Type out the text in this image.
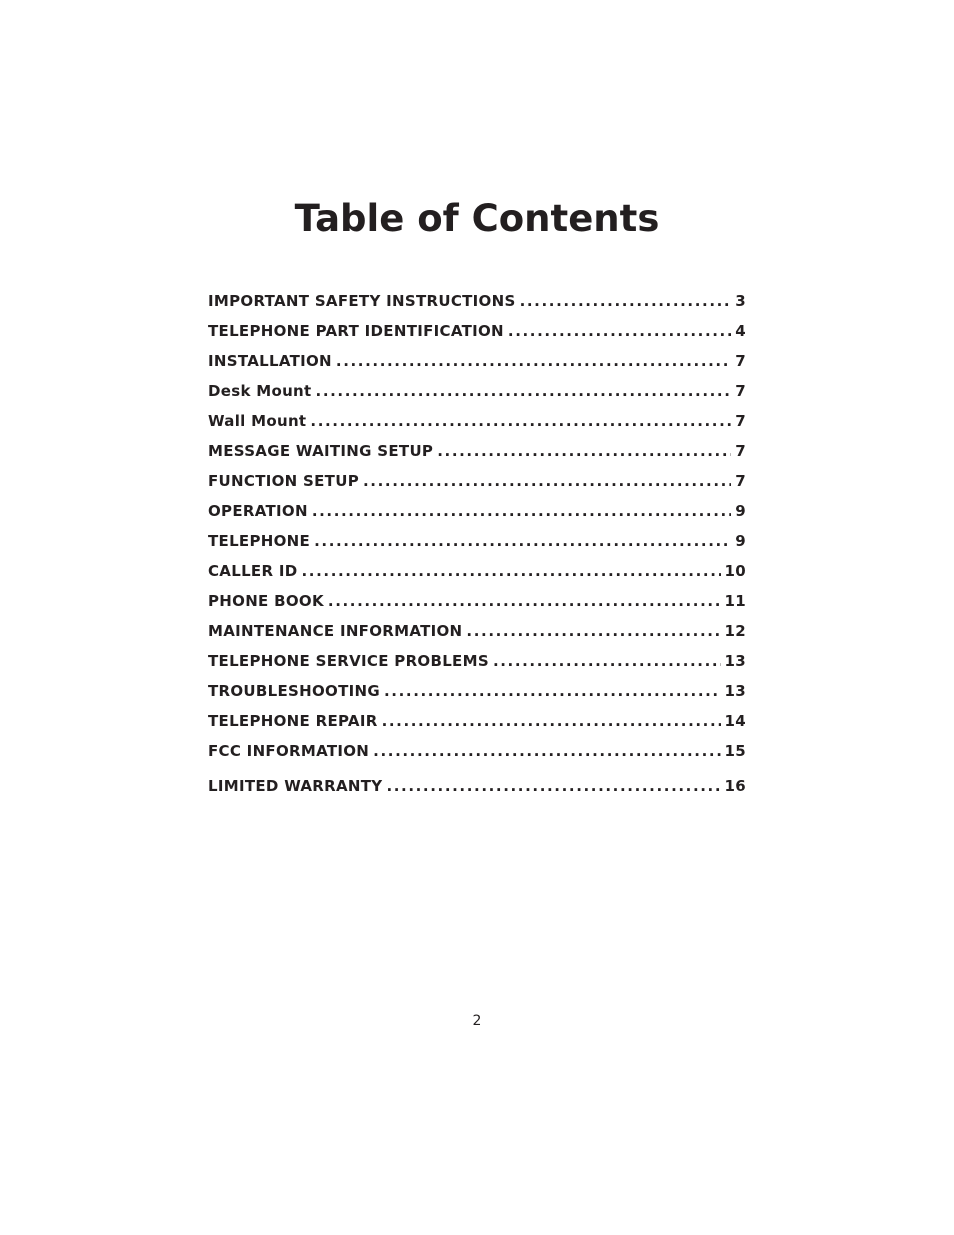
Table of Contents
IMPORTANT SAFETY INSTRUCTIONS .....	3
TELEPHONE PART IDENTIFICATION .....	4
INSTALLATION .....	7
Desk Mount .....	7
Wall Mount .....	7
MESSAGE WAITING SETUP .....	7
FUNCTION SETUP .....	7
OPERATION .....	9
TELEPHONE .....	9
CALLER ID .....	10
PHONE BOOK .....	11
MAINTENANCE INFORMATION .....	12
TELEPHONE SERVICE PROBLEMS .....	13
TROUBLESHOOTING .....	13
TELEPHONE REPAIR .....	14
FCC INFORMATION .....	15
LIMITED WARRANTY .....	16
2
